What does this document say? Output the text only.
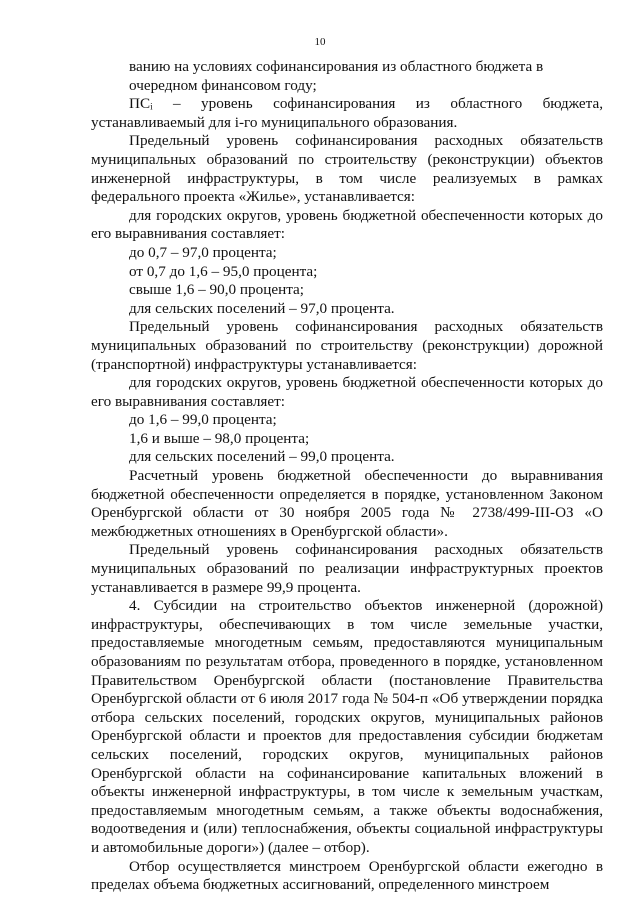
10

ванию на условиях софинансирования из областного бюджета в очередном финансовом году;

ПСᵢ – уровень софинансирования из областного бюджета, устанавливаемый для i-го муниципального образования.

Предельный уровень софинансирования расходных обязательств муниципальных образований по строительству (реконструкции) объектов инженерной инфраструктуры, в том числе реализуемых в рамках федерального проекта «Жилье», устанавливается:

для городских округов, уровень бюджетной обеспеченности которых до его выравнивания составляет:

до 0,7 – 97,0 процента;

от 0,7 до 1,6 – 95,0 процента;

свыше 1,6 – 90,0 процента;

для сельских поселений – 97,0 процента.

Предельный уровень софинансирования расходных обязательств муниципальных образований по строительству (реконструкции) дорожной (транспортной) инфраструктуры устанавливается:

для городских округов, уровень бюджетной обеспеченности которых до его выравнивания составляет:

до 1,6 – 99,0 процента;

1,6 и выше – 98,0 процента;

для сельских поселений – 99,0 процента.

Расчетный уровень бюджетной обеспеченности до выравнивания бюджетной обеспеченности определяется в порядке, установленном Законом Оренбургской области от 30 ноября 2005 года № 2738/499-III-ОЗ «О межбюджетных отношениях в Оренбургской области».

Предельный уровень софинансирования расходных обязательств муниципальных образований по реализации инфраструктурных проектов устанавливается в размере 99,9 процента.

4. Субсидии на строительство объектов инженерной (дорожной) инфраструктуры, обеспечивающих в том числе земельные участки, предоставляемые многодетным семьям, предоставляются муниципальным образованиям по результатам отбора, проведенного в порядке, установленном Правительством Оренбургской области (постановление Правительства Оренбургской области от 6 июля 2017 года № 504-п «Об утверждении порядка отбора сельских поселений, городских округов, муниципальных районов Оренбургской области и проектов для предоставления субсидии бюджетам сельских поселений, городских округов, муниципальных районов Оренбургской области на софинансирование капитальных вложений в объекты инженерной инфраструктуры, в том числе к земельным участкам, предоставляемым многодетным семьям, а также объекты водоснабжения, водоотведения и (или) теплоснабжения, объекты социальной инфраструктуры и автомобильные дороги») (далее – отбор).

Отбор осуществляется минстроем Оренбургской области ежегодно в пределах объема бюджетных ассигнований, определенного минстроем
